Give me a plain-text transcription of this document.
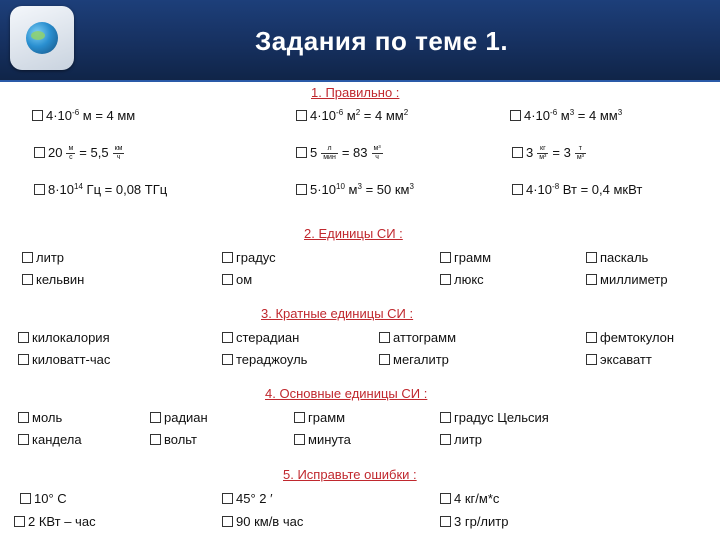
Задания по теме 1.
1. Правильно :
$4\cdot 10^{-6}$ м = 4 мм	$4\cdot 10^{-6}$ $м^2 = 4$ $мм^2$	$4\cdot 10^{-6}$ $м^3 = 4$ $мм^3$
$20 \frac{м}{с} = 5,5 \frac{км}{ч}$	$5 \frac{л}{\text{мин}} = 83 \frac{\text{м³}}{ч}$	$3 \frac{кг}{\text{м³}} = 3 \frac{т}{\text{м³}}$
$8\cdot 10^{14}$ Гц = 0,08 ТГц	$5\cdot 10^{10}$ $м^3 = 50$ $км^3$	$4\cdot 10^{-8}$ Вт = 0,4 мкВт
2. Единицы СИ :
литр	градус	грамм	паскаль
кельвин	ом	люкс	миллиметр
3. Кратные единицы СИ :
килокалория	стерадиан	аттограмм	фемтокулон
киловатт-час	тераджоуль	мегалитр	эксаватт
4. Основные единицы СИ :
моль	радиан	грамм	градус Цельсия
кандела	вольт	минута	литр
5. Исправьте ошибки :
10° С	45° 2 ′	4 кг/м*с
2 КВт – час	90 км/в час	3 гр/литр
